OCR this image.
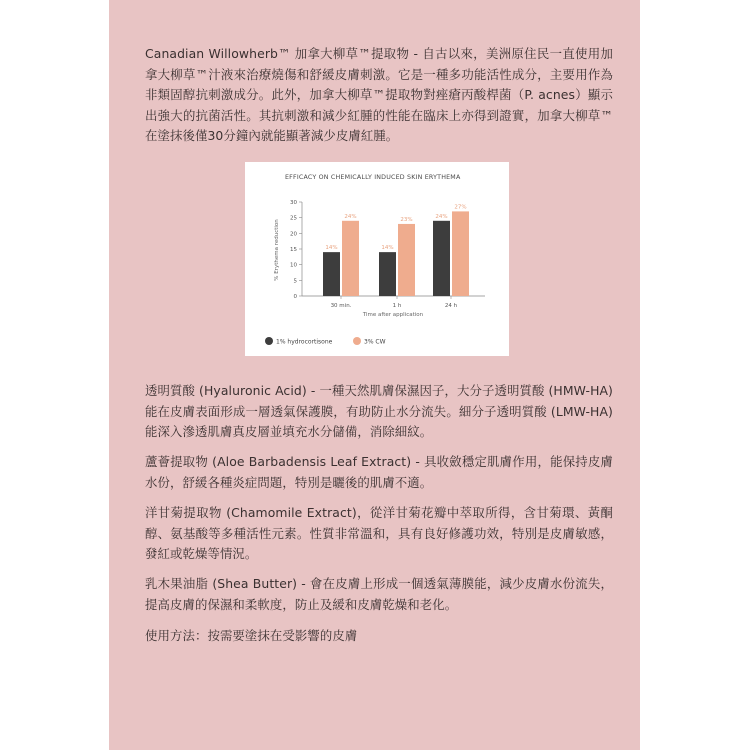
Canadian Willowherb™ 加拿大柳草™提取物 - 自古以來，美洲原住民一直使用加拿大柳草™汁液來治療燒傷和舒緩皮膚刺激。它是一種多功能活性成分，主要用作為非類固醇抗刺激成分。此外，加拿大柳草™提取物對痤瘡丙酸桿菌（P. acnes）顯示出強大的抗菌活性。其抗刺激和減少紅腫的性能在臨床上亦得到證實，加拿大柳草™在塗抹後僅30分鐘內就能顯著減少皮膚紅腫。

EFFICACY ON CHEMICALLY INDUCED SKIN ERYTHEMA
0
5
10
15
20
25
30
30 min.	1 h	24 h
14%
24%
14%
23%
24%
27%
Time after application
% Erythema reduction
1% hydrocortisone	3% CW

透明質酸 (Hyaluronic Acid) - 一種天然肌膚保濕因子，大分子透明質酸 (HMW-HA) 能在皮膚表面形成一層透氣保護膜，有助防止水分流失。細分子透明質酸 (LMW-HA) 能深入滲透肌膚真皮層並填充水分儲備，消除細紋。

蘆薈提取物 (Aloe Barbadensis Leaf Extract) - 具收斂穩定肌膚作用，能保持皮膚水份，舒緩各種炎症問題，特別是曬後的肌膚不適。

洋甘菊提取物 (Chamomile Extract)，從洋甘菊花瓣中萃取所得，含甘菊環、黃酮醇、氨基酸等多種活性元素。性質非常溫和，具有良好修護功效，特別是皮膚敏感，發紅或乾燥等情況。

乳木果油脂 (Shea Butter) - 會在皮膚上形成一個透氣薄膜能，減少皮膚水份流失，提高皮膚的保濕和柔軟度，防止及緩和皮膚乾燥和老化。

使用方法：按需要塗抹在受影響的皮膚
